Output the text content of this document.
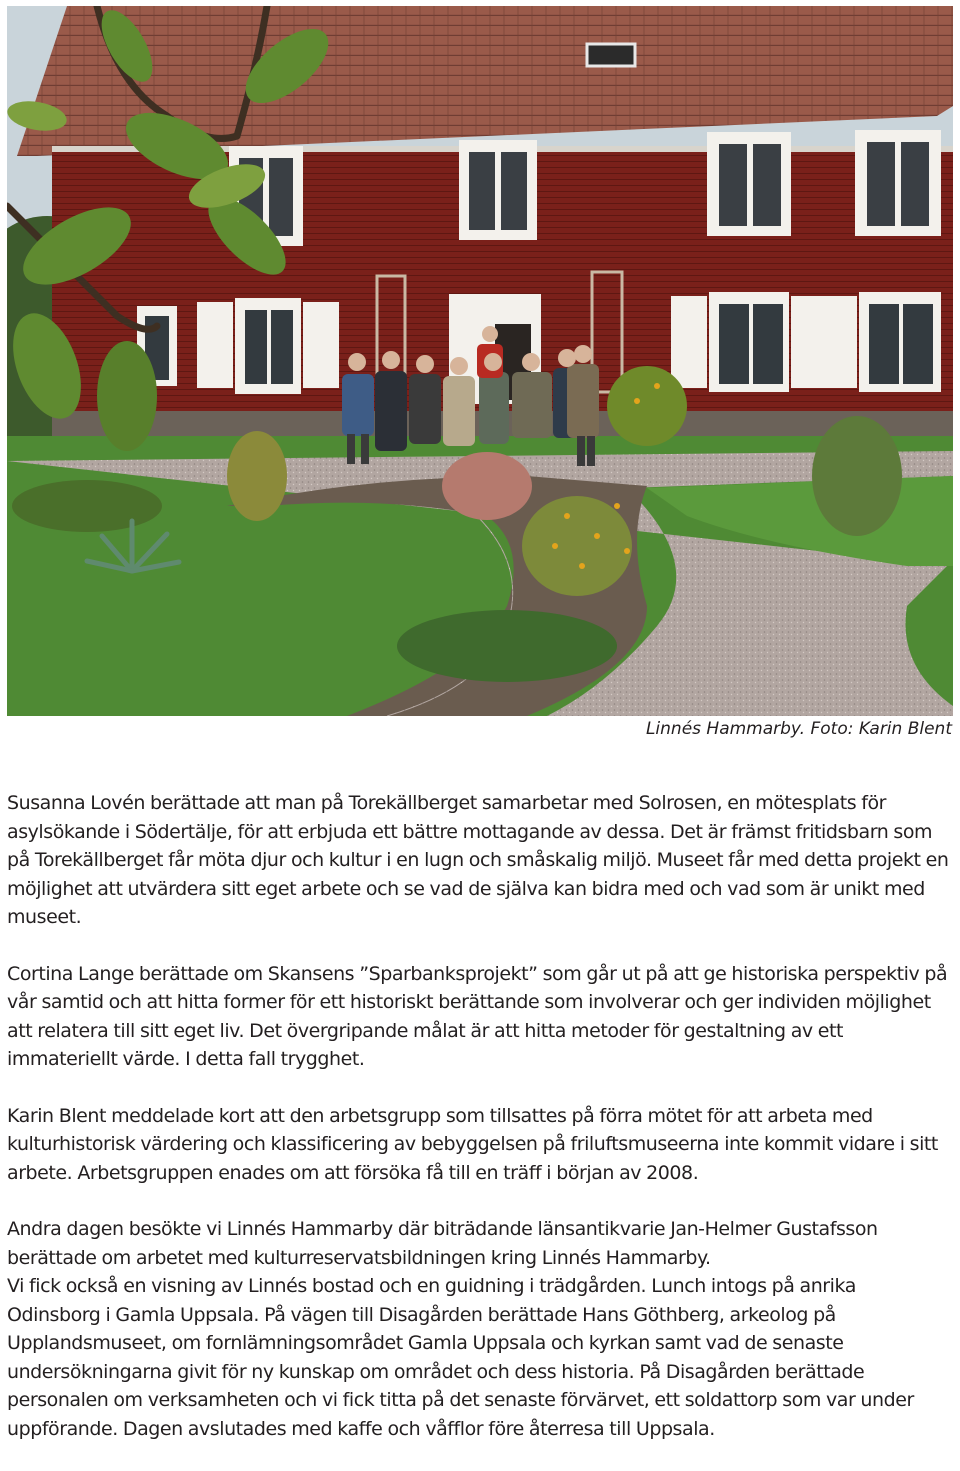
Linnés Hammarby. Foto: Karin Blent

Susanna Lovén berättade att man på Torekällberget samarbetar med Solrosen, en mötesplats för asylsökande i Södertälje, för att erbjuda ett bättre mottagande av dessa. Det är främst fritidsbarn som på Torekällberget får möta djur och kultur i en lugn och småskalig miljö. Museet får med detta projekt en möjlighet att utvärdera sitt eget arbete och se vad de själva kan bidra med och vad som är unikt med museet.

Cortina Lange berättade om Skansens ”Sparbanksprojekt” som går ut på att ge historiska perspektiv på vår samtid och att hitta former för ett historiskt berättande som involverar och ger individen möjlighet att relatera till sitt eget liv. Det övergripande målat är att hitta metoder för gestaltning av ett immateriellt värde. I detta fall trygghet.

Karin Blent meddelade kort att den arbetsgrupp som tillsattes på förra mötet för att arbeta med kulturhistorisk värdering och klassificering av bebyggelsen på friluftsmuseerna inte kommit vidare i sitt arbete. Arbetsgruppen enades om att försöka få till en träff i början av 2008.

Andra dagen besökte vi Linnés Hammarby där biträdande länsantikvarie Jan-Helmer Gustafsson berättade om arbetet med kulturreservatsbildningen kring Linnés Hammarby.

Vi fick också en visning av Linnés bostad och en guidning i trädgården. Lunch intogs på anrika Odinsborg i Gamla Uppsala. På vägen till Disagården berättade Hans Göthberg, arkeolog på Upplandsmuseet, om fornlämningsområdet Gamla Uppsala och kyrkan samt vad de senaste undersökningarna givit för ny kunskap om området och dess historia. På Disagården berättade personalen om verksamheten och vi fick titta på det senaste förvärvet, ett soldattorp som var under uppförande. Dagen avslutades med kaffe och våfflor före återresa till Uppsala.
